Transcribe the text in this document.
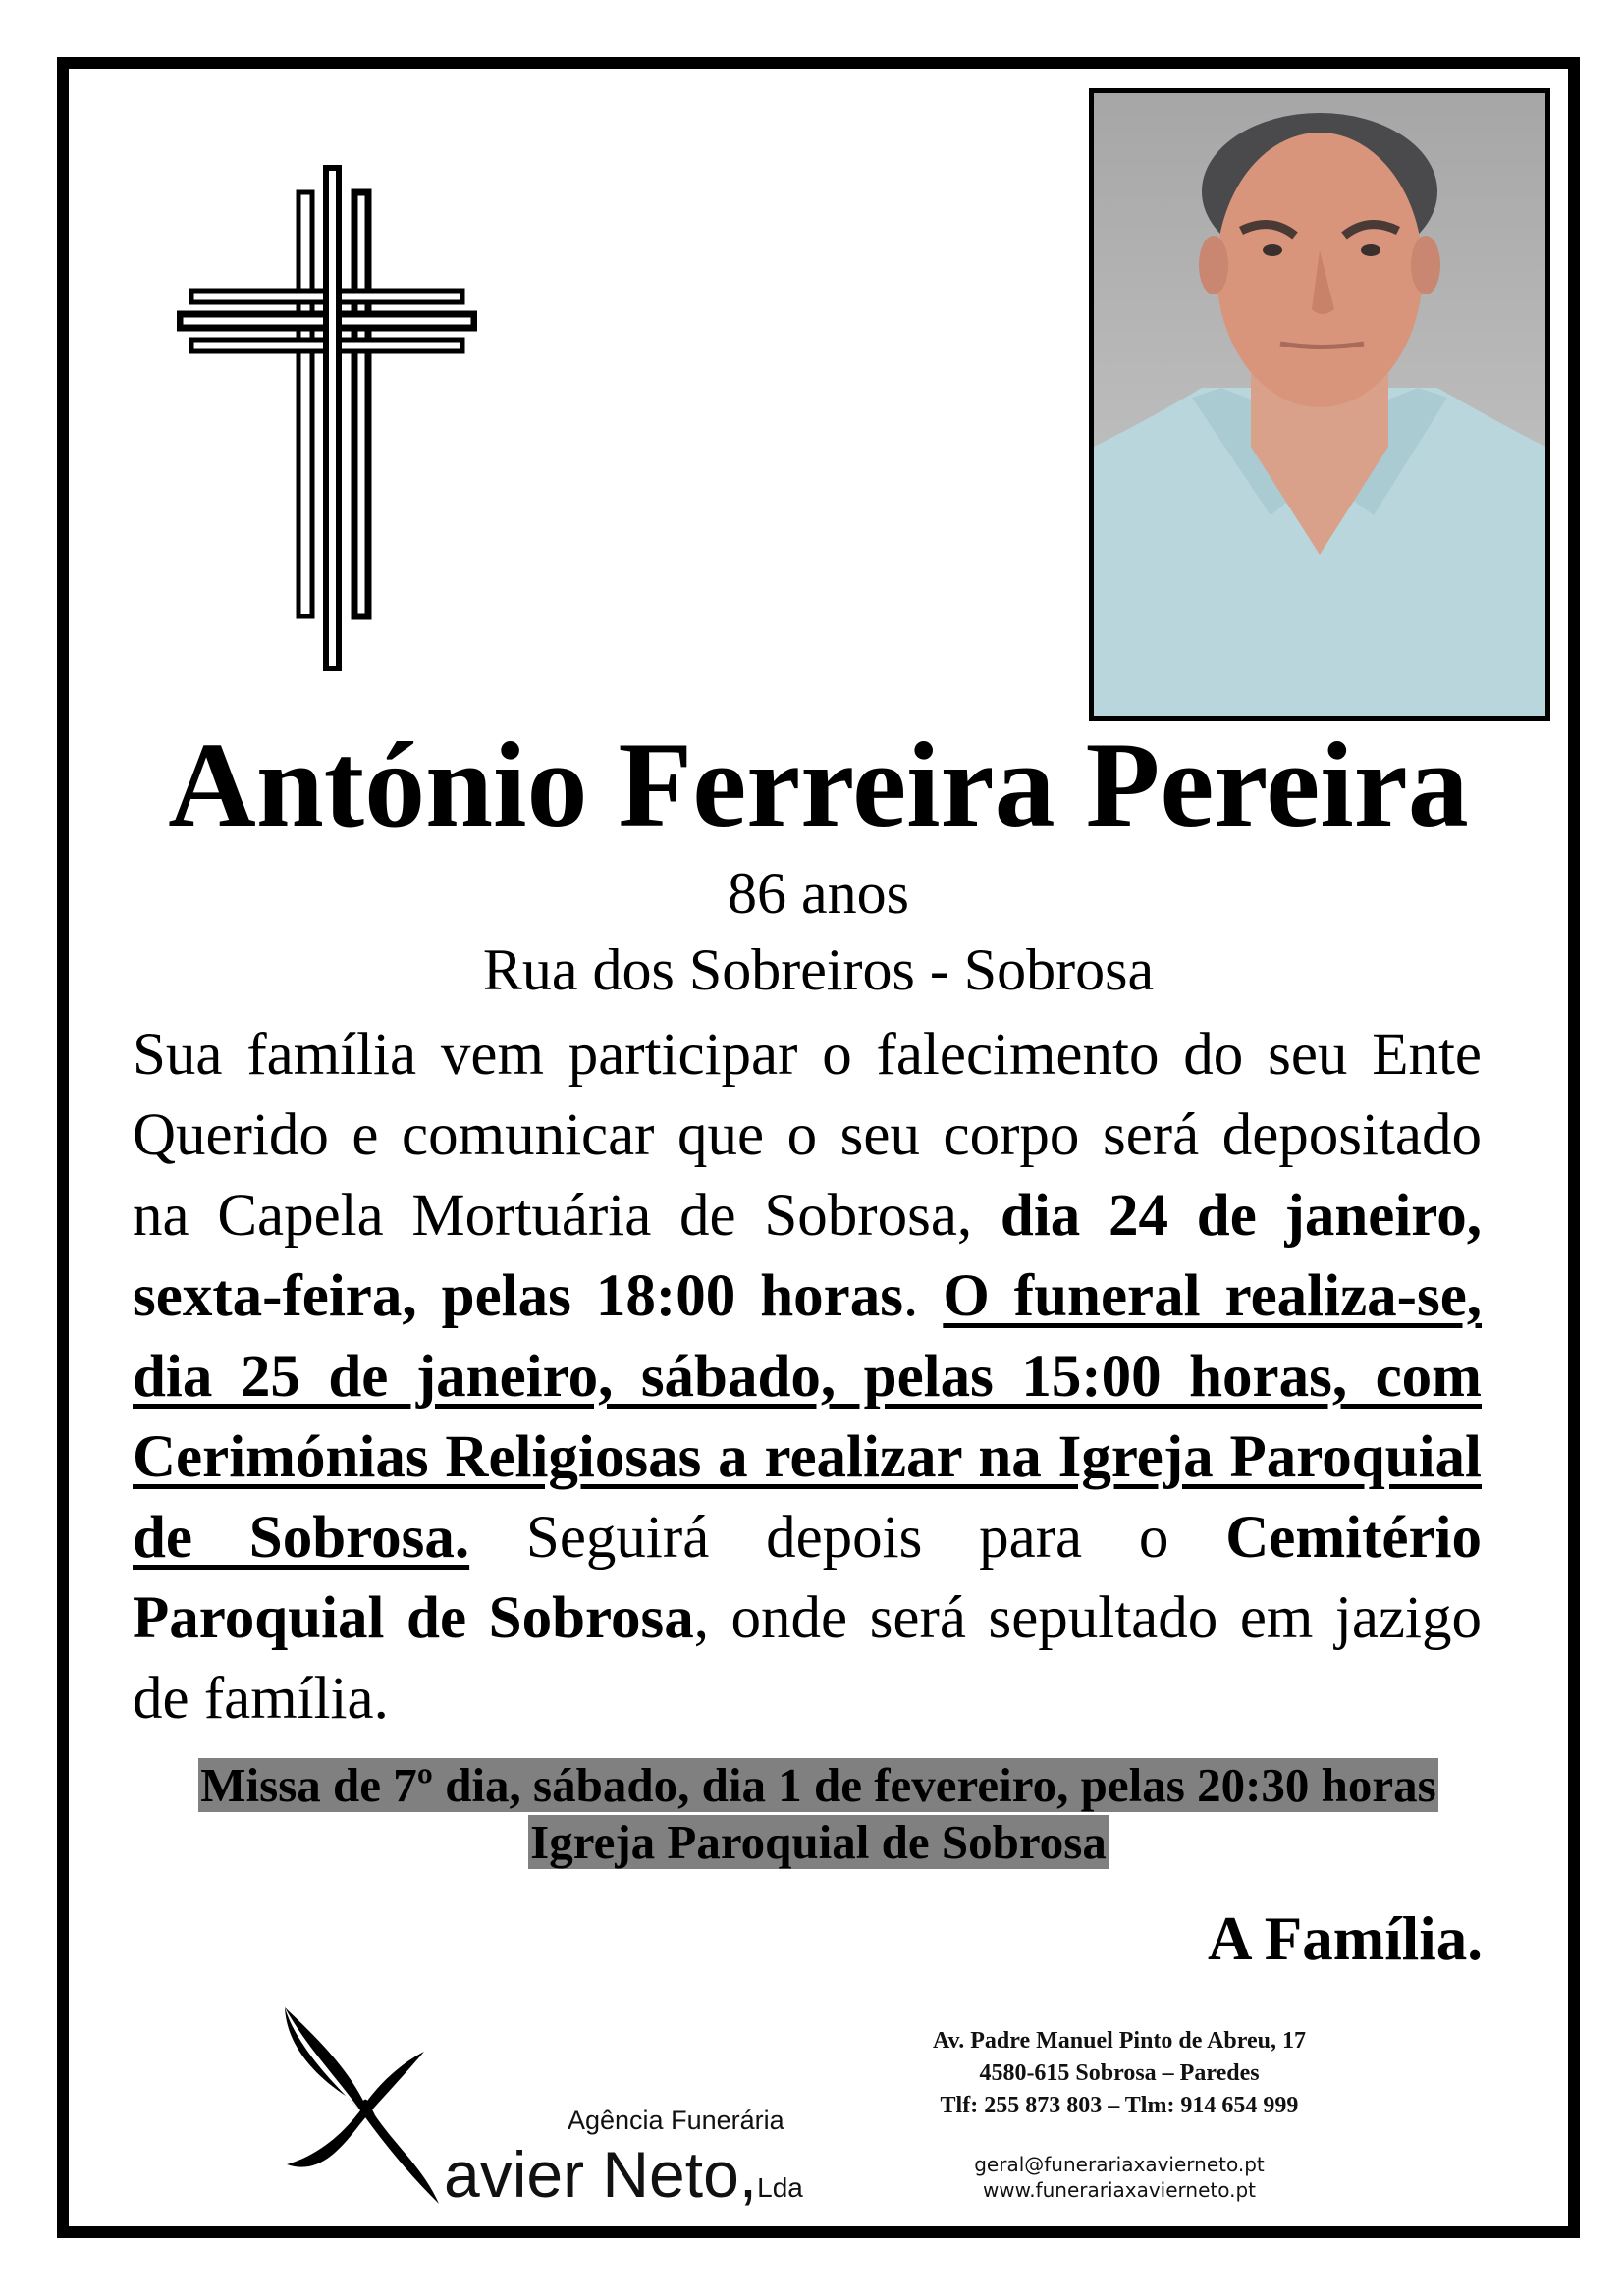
António Ferreira Pereira
86 anos
Rua dos Sobreiros - Sobrosa
Sua família vem participar o falecimento do seu Ente Querido e comunicar que o seu corpo será depositado na Capela Mortuária de Sobrosa, dia 24 de janeiro, sexta-feira, pelas 18:00 horas. O funeral realiza-se, dia 25 de janeiro, sábado, pelas 15:00 horas, com Cerimónias Religiosas a realizar na Igreja Paroquial de Sobrosa. Seguirá depois para o Cemitério Paroquial de Sobrosa, onde será sepultado em jazigo de família.
Missa de 7º dia, sábado, dia 1 de fevereiro, pelas 20:30 horas
Igreja Paroquial de Sobrosa
A Família.
Agência Funerária
avier Neto,Lda
Av. Padre Manuel Pinto de Abreu, 17
4580-615 Sobrosa – Paredes
Tlf: 255 873 803 – Tlm: 914 654 999
geral@funerariaxavierneto.pt
www.funerariaxavierneto.pt
